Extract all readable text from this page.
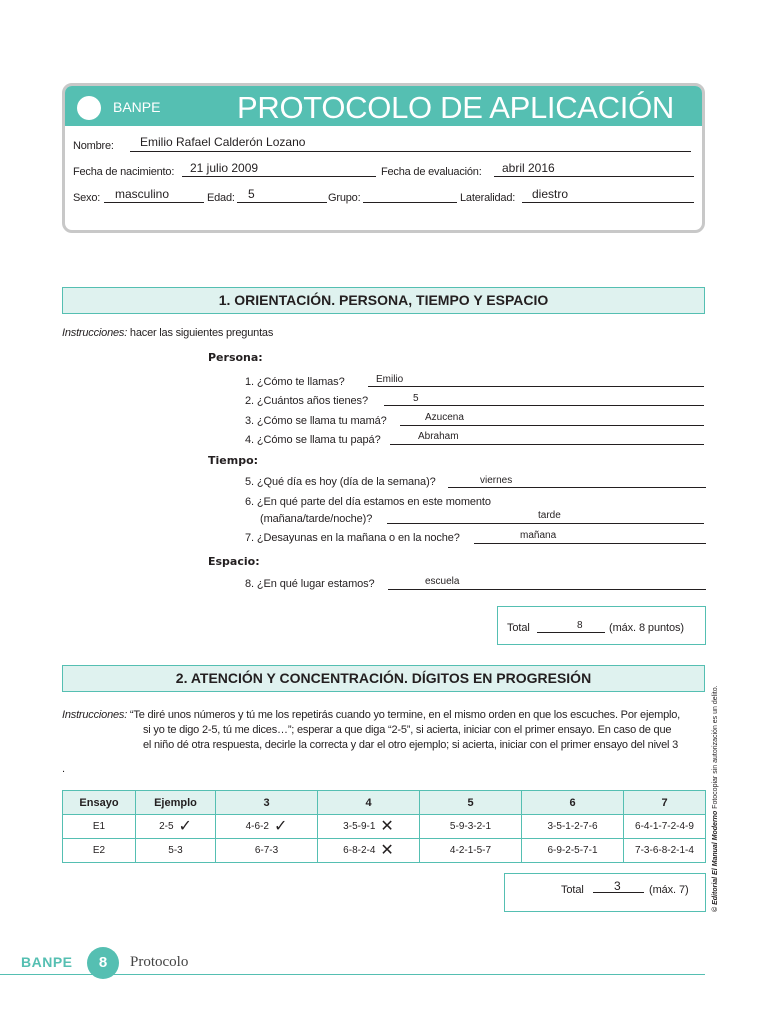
BANPE PROTOCOLO DE APLICACIÓN
Nombre: Emilio Rafael Calderón Lozano
Fecha de nacimiento: 21 julio 2009	Fecha de evaluación: abril 2016
Sexo: masculino	Edad: 5	Grupo:	Lateralidad: diestro
1. ORIENTACIÓN. PERSONA, TIEMPO Y ESPACIO
Instrucciones: hacer las siguientes preguntas
Persona:
1. ¿Cómo te llamas?	Emilio
2. ¿Cuántos años tienes?	5
3. ¿Cómo se llama tu mamá?	Azucena
4. ¿Cómo se llama tu papá?	Abraham
Tiempo:
5. ¿Qué día es hoy (día de la semana)?	viernes
6. ¿En qué parte del día estamos en este momento
(mañana/tarde/noche)?	tarde
7. ¿Desayunas en la mañana o en la noche?	mañana
Espacio:
8. ¿En qué lugar estamos?	escuela
Total	8 (máx. 8 puntos)
2. ATENCIÓN Y CONCENTRACIÓN. DÍGITOS EN PROGRESIÓN
Instrucciones: “Te diré unos números y tú me los repetirás cuando yo termine, en el mismo orden en que los escuches. Por ejemplo,
si yo te digo 2-5, tú me dices…”; esperar a que diga “2-5”, si acierta, iniciar con el primer ensayo. En caso de que
el niño dé otra respuesta, decirle la correcta y dar el otro ejemplo; si acierta, iniciar con el primer ensayo del nivel 3
.
Ensayo	Ejemplo	3	4	5	6	7
E1	2-5 ✓	4-6-2 ✓	3-5-9-1 ✕	5-9-3-2-1	3-5-1-2-7-6	6-4-1-7-2-4-9
E2	5-3	6-7-3	6-8-2-4 ✕	4-2-1-5-7	6-9-2-5-7-1	7-3-6-8-2-1-4
Total	3	(máx. 7)	© Editorial El Manual Moderno Fotocopiar sin autorización es un delito.
BANPE	8	Protocolo
